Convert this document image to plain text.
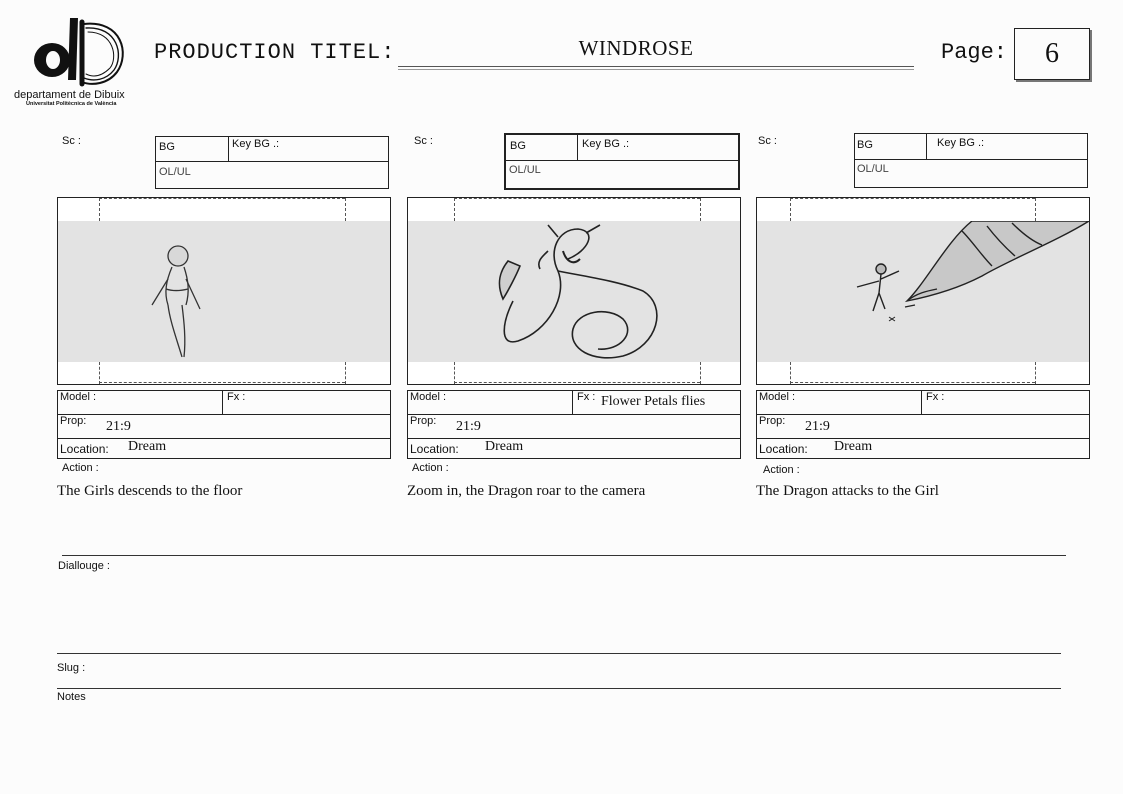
departament de Dibuix
Universitat Politècnica de València
PRODUCTION TITEL:	WINDROSE	Page:	6
Sc :	BG	Key BG .:
OL/UL
Model :	Fx :
Prop: 21:9
Location: Dream
Action :
The Girls descends to the floor
Sc :	BG	Key BG .:
OL/UL
Model :	Fx : Flower Petals flies
Prop: 21:9
Location: Dream
Action :
Zoom in, the Dragon roar to the camera
Sc :	BG	Key BG .:
OL/UL
Model :	Fx :
Prop: 21:9
Location: Dream
Action :
The Dragon attacks to the Girl
Diallouge :
Slug :
Notes
